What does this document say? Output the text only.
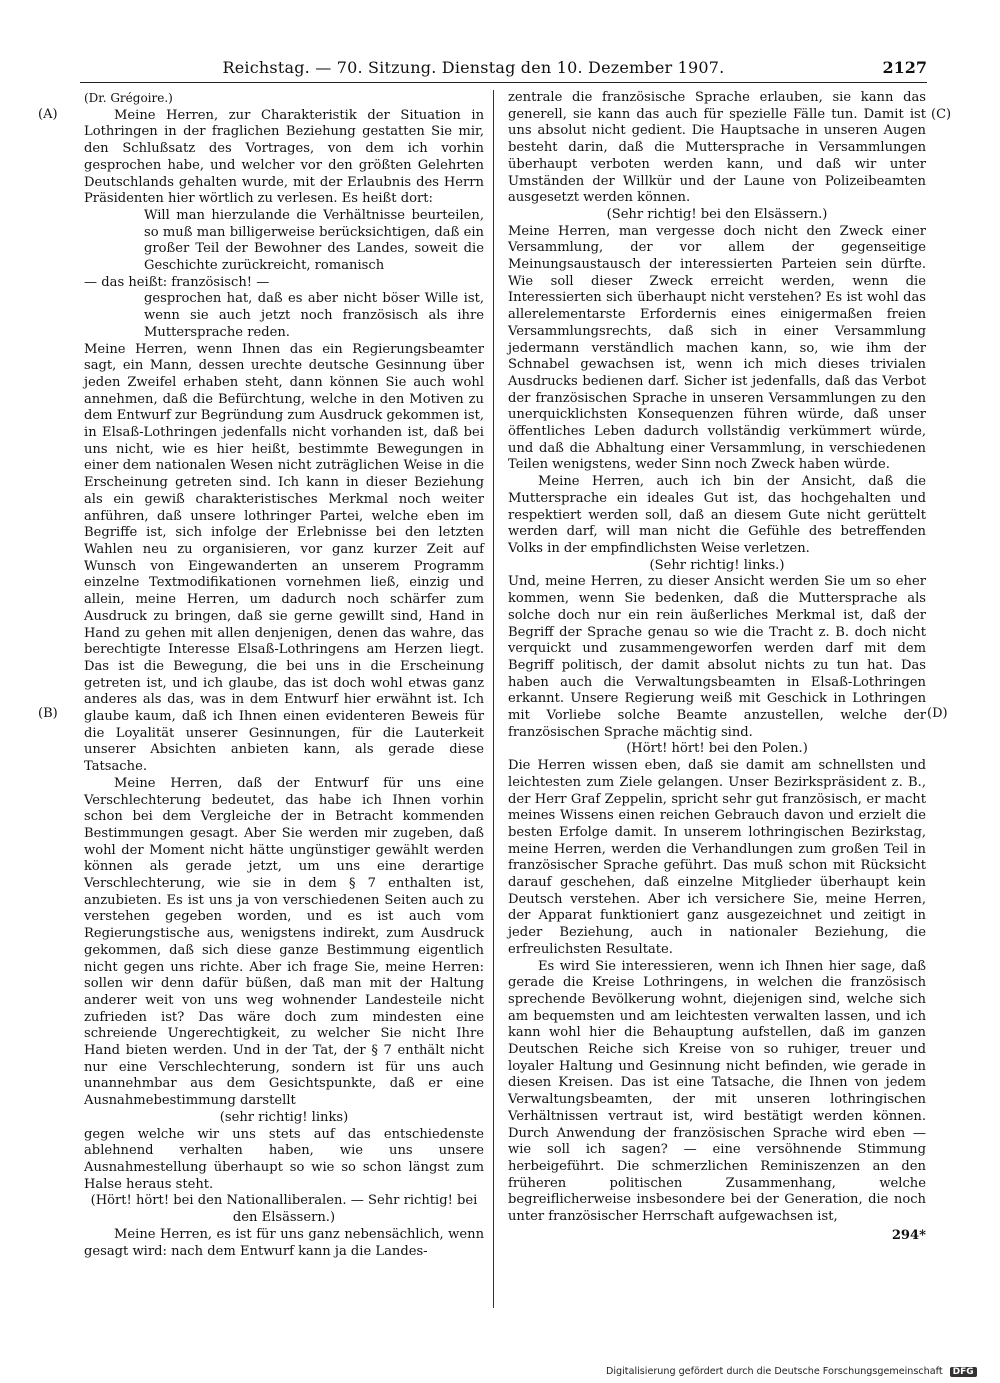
Reichstag. — 70. Sitzung. Dienstag den 10. Dezember 1907.	2127
(A)
(B)
(C)
(D)

(Dr. Grégoire.)

Meine Herren, zur Charakteristik der Situation in Lothringen in der fraglichen Beziehung gestatten Sie mir, den Schlußsatz des Vortrages, von dem ich vorhin gesprochen habe, und welcher vor den größten Gelehrten Deutschlands gehalten wurde, mit der Erlaubnis des Herrn Präsidenten hier wörtlich zu verlesen. Es heißt dort:

Will man hierzulande die Verhältnisse beurteilen, so muß man billigerweise berücksichtigen, daß ein großer Teil der Bewohner des Landes, soweit die Geschichte zurückreicht, romanisch

— das heißt: französisch! —

gesprochen hat, daß es aber nicht böser Wille ist, wenn sie auch jetzt noch französisch als ihre Muttersprache reden.

Meine Herren, wenn Ihnen das ein Regierungsbeamter sagt, ein Mann, dessen urechte deutsche Gesinnung über jeden Zweifel erhaben steht, dann können Sie auch wohl annehmen, daß die Befürchtung, welche in den Motiven zu dem Entwurf zur Begründung zum Ausdruck gekommen ist, in Elsaß-Lothringen jedenfalls nicht vorhanden ist, daß bei uns nicht, wie es hier heißt, bestimmte Bewegungen in einer dem nationalen Wesen nicht zuträglichen Weise in die Erscheinung getreten sind. Ich kann in dieser Beziehung als ein gewiß charakteristisches Merkmal noch weiter anführen, daß unsere lothringer Partei, welche eben im Begriffe ist, sich infolge der Erlebnisse bei den letzten Wahlen neu zu organisieren, vor ganz kurzer Zeit auf Wunsch von Eingewanderten an unserem Programm einzelne Textmodifikationen vornehmen ließ, einzig und allein, meine Herren, um dadurch noch schärfer zum Ausdruck zu bringen, daß sie gerne gewillt sind, Hand in Hand zu gehen mit allen denjenigen, denen das wahre, das berechtigte Interesse Elsaß-Lothringens am Herzen liegt. Das ist die Bewegung, die bei uns in die Erscheinung getreten ist, und ich glaube, das ist doch wohl etwas ganz anderes als das, was in dem Entwurf hier erwähnt ist. Ich glaube kaum, daß ich Ihnen einen evidenteren Beweis für die Loyalität unserer Gesinnungen, für die Lauterkeit unserer Absichten anbieten kann, als gerade diese Tatsache.

Meine Herren, daß der Entwurf für uns eine Verschlechterung bedeutet, das habe ich Ihnen vorhin schon bei dem Vergleiche der in Betracht kommenden Bestimmungen gesagt. Aber Sie werden mir zugeben, daß wohl der Moment nicht hätte ungünstiger gewählt werden können als gerade jetzt, um uns eine derartige Verschlechterung, wie sie in dem § 7 enthalten ist, anzubieten. Es ist uns ja von verschiedenen Seiten auch zu verstehen gegeben worden, und es ist auch vom Regierungstische aus, wenigstens indirekt, zum Ausdruck gekommen, daß sich diese ganze Bestimmung eigentlich nicht gegen uns richte. Aber ich frage Sie, meine Herren: sollen wir denn dafür büßen, daß man mit der Haltung anderer weit von uns weg wohnender Landesteile nicht zufrieden ist? Das wäre doch zum mindesten eine schreiende Ungerechtigkeit, zu welcher Sie nicht Ihre Hand bieten werden. Und in der Tat, der § 7 enthält nicht nur eine Verschlechterung, sondern ist für uns auch unannehmbar aus dem Gesichtspunkte, daß er eine Ausnahmebestimmung darstellt

(sehr richtig! links)

gegen welche wir uns stets auf das entschiedenste ablehnend verhalten haben, wie uns unsere Ausnahmestellung überhaupt so wie so schon längst zum Halse heraus steht.

(Hört! hört! bei den Nationalliberalen. — Sehr richtig! bei den Elsässern.)

Meine Herren, es ist für uns ganz nebensächlich, wenn gesagt wird: nach dem Entwurf kann ja die Landes-

zentrale die französische Sprache erlauben, sie kann das generell, sie kann das auch für spezielle Fälle tun. Damit ist uns absolut nicht gedient. Die Hauptsache in unseren Augen besteht darin, daß die Muttersprache in Versammlungen überhaupt verboten werden kann, und daß wir unter Umständen der Willkür und der Laune von Polizeibeamten ausgesetzt werden können.

(Sehr richtig! bei den Elsässern.)

Meine Herren, man vergesse doch nicht den Zweck einer Versammlung, der vor allem der gegenseitige Meinungsaustausch der interessierten Parteien sein dürfte. Wie soll dieser Zweck erreicht werden, wenn die Interessierten sich überhaupt nicht verstehen? Es ist wohl das allerelementarste Erfordernis eines einigermaßen freien Versammlungsrechts, daß sich in einer Versammlung jedermann verständlich machen kann, so, wie ihm der Schnabel gewachsen ist, wenn ich mich dieses trivialen Ausdrucks bedienen darf. Sicher ist jedenfalls, daß das Verbot der französischen Sprache in unseren Versammlungen zu den unerquicklichsten Konsequenzen führen würde, daß unser öffentliches Leben dadurch vollständig verkümmert würde, und daß die Abhaltung einer Versammlung, in verschiedenen Teilen wenigstens, weder Sinn noch Zweck haben würde.

Meine Herren, auch ich bin der Ansicht, daß die Muttersprache ein ideales Gut ist, das hochgehalten und respektiert werden soll, daß an diesem Gute nicht gerüttelt werden darf, will man nicht die Gefühle des betreffenden Volks in der empfindlichsten Weise verletzen.

(Sehr richtig! links.)

Und, meine Herren, zu dieser Ansicht werden Sie um so eher kommen, wenn Sie bedenken, daß die Muttersprache als solche doch nur ein rein äußerliches Merkmal ist, daß der Begriff der Sprache genau so wie die Tracht z. B. doch nicht verquickt und zusammengeworfen werden darf mit dem Begriff politisch, der damit absolut nichts zu tun hat. Das haben auch die Verwaltungsbeamten in Elsaß-Lothringen erkannt. Unsere Regierung weiß mit Geschick in Lothringen mit Vorliebe solche Beamte anzustellen, welche der französischen Sprache mächtig sind.

(Hört! hört! bei den Polen.)

Die Herren wissen eben, daß sie damit am schnellsten und leichtesten zum Ziele gelangen. Unser Bezirkspräsident z. B., der Herr Graf Zeppelin, spricht sehr gut französisch, er macht meines Wissens einen reichen Gebrauch davon und erzielt die besten Erfolge damit. In unserem lothringischen Bezirkstag, meine Herren, werden die Verhandlungen zum großen Teil in französischer Sprache geführt. Das muß schon mit Rücksicht darauf geschehen, daß einzelne Mitglieder überhaupt kein Deutsch verstehen. Aber ich versichere Sie, meine Herren, der Apparat funktioniert ganz ausgezeichnet und zeitigt in jeder Beziehung, auch in nationaler Beziehung, die erfreulichsten Resultate.

Es wird Sie interessieren, wenn ich Ihnen hier sage, daß gerade die Kreise Lothringens, in welchen die französisch sprechende Bevölkerung wohnt, diejenigen sind, welche sich am bequemsten und am leichtesten verwalten lassen, und ich kann wohl hier die Behauptung aufstellen, daß im ganzen Deutschen Reiche sich Kreise von so ruhiger, treuer und loyaler Haltung und Gesinnung nicht befinden, wie gerade in diesen Kreisen. Das ist eine Tatsache, die Ihnen von jedem Verwaltungsbeamten, der mit unseren lothringischen Verhältnissen vertraut ist, wird bestätigt werden können. Durch Anwendung der französischen Sprache wird eben — wie soll ich sagen? — eine versöhnende Stimmung herbeigeführt. Die schmerzlichen Reminiszenzen an den früheren politischen Zusammenhang, welche begreiflicherweise insbesondere bei der Generation, die noch unter französischer Herrschaft aufgewachsen ist,

294*

Digitalisierung gefördert durch die Deutsche Forschungsgemeinschaft DFG
